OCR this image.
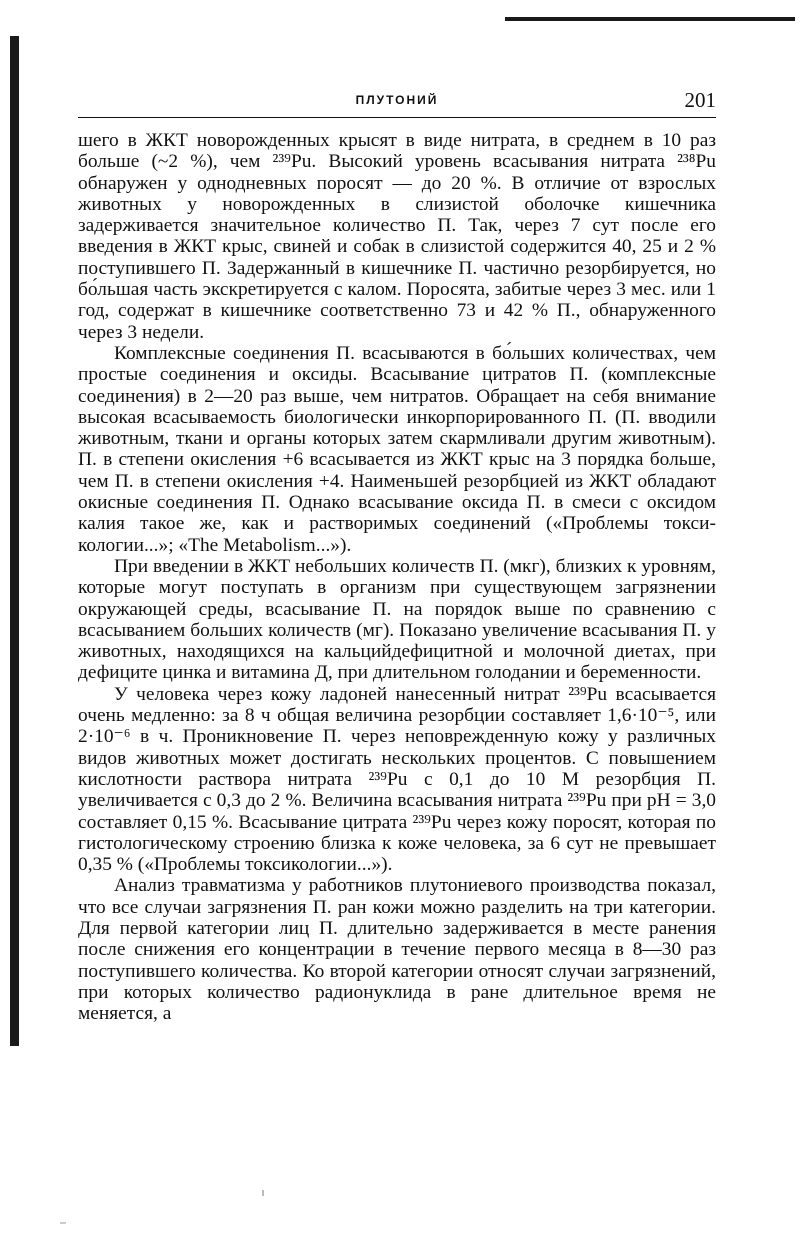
ПЛУТОНИЙ	201

шего в ЖКТ новорожденных крысят в виде нитрата, в среднем в 10 раз больше (~2 %), чем ²³⁹Pu. Высокий уровень всасывания нитрата ²³⁸Pu обнаружен у однодневных поросят — до 20 %. В отличие от взрослых животных у новорожденных в слизистой оболочке кишечника задерживается значительное количество П. Так, через 7 сут после его введения в ЖКТ крыс, свиней и собак в слизистой содержится 40, 25 и 2 % поступившего П. Задержанный в кишечнике П. частично резорбируется, но бо́льшая часть экскретируется с калом. Поросята, забитые через 3 мес. или 1 год, содержат в кишечнике соответственно 73 и 42 % П., обнаруженного через 3 недели.

Комплексные соединения П. всасываются в бо́льших количествах, чем простые соединения и оксиды. Всасывание цитратов П. (комплексные соединения) в 2—20 раз выше, чем нитратов. Обращает на себя внимание высокая всасываемость биологически инкорпорированного П. (П. вводили животным, ткани и органы которых затем скармливали другим животным). П. в степени окисления +6 всасывается из ЖКТ крыс на 3 порядка больше, чем П. в степени окисления +4. Наименьшей резорбцией из ЖКТ обладают окисные соединения П. Однако всасывание оксида П. в смеси с оксидом калия такое же, как и растворимых соединений («Проблемы токсикологии...»; «The Metabolism...»).

При введении в ЖКТ небольших количеств П. (мкг), близких к уровням, которые могут поступать в организм при существующем загрязнении окружающей среды, всасывание П. на порядок выше по сравнению с всасыванием больших количеств (мг). Показано увеличение всасывания П. у животных, находящихся на кальцийдефицитной и молочной диетах, при дефиците цинка и витамина Д, при длительном голодании и беременности.

У человека через кожу ладоней нанесенный нитрат ²³⁹Pu всасывается очень медленно: за 8 ч общая величина резорбции составляет 1,6·10⁻⁵, или 2·10⁻⁶ в ч. Проникновение П. через неповрежденную кожу у различных видов животных может достигать нескольких процентов. С повышением кислотности раствора нитрата ²³⁹Pu с 0,1 до 10 М резорбция П. увеличивается с 0,3 до 2 %. Величина всасывания нитрата ²³⁹Pu при pH = 3,0 составляет 0,15 %. Всасывание цитрата ²³⁹Pu через кожу поросят, которая по гистологическому строению близка к коже человека, за 6 сут не превышает 0,35 % («Проблемы токсикологии...»).

Анализ травматизма у работников плутониевого производства показал, что все случаи загрязнения П. ран кожи можно разделить на три категории. Для первой категории лиц П. длительно задерживается в месте ранения после снижения его концентрации в течение первого месяца в 8—30 раз поступившего количества. Ко второй категории относят случаи загрязнений, при которых количество радионуклида в ране длительное время не меняется, а
